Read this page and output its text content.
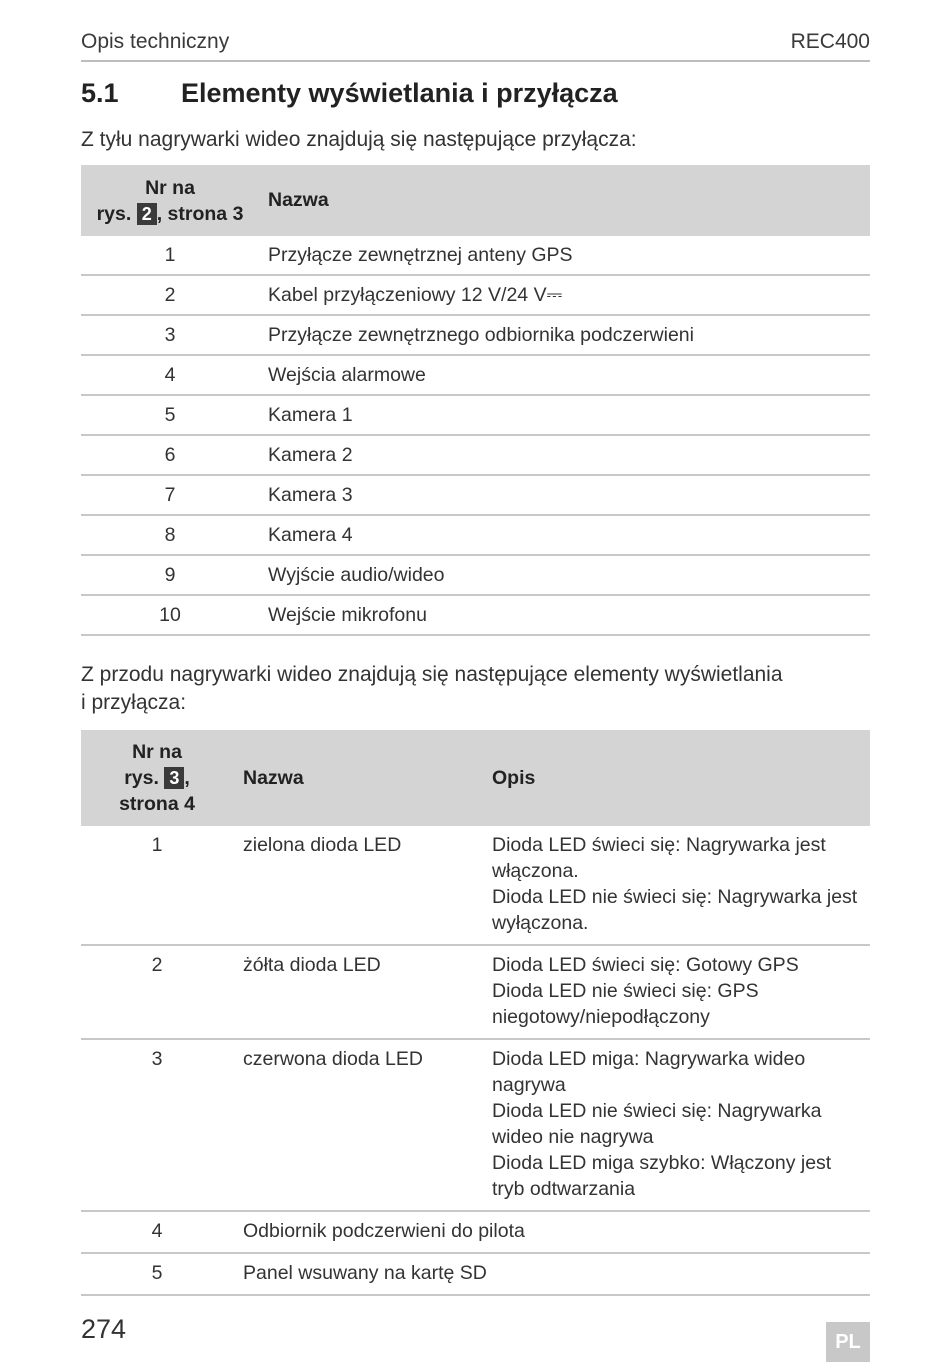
Opis techniczny	REC400
5.1 Elementy wyświetlania i przyłącza
Z tyłu nagrywarki wideo znajdują się następujące przyłącza:
Nr na
rys. 2 , strona 3	Nazwa
1	Przyłącze zewnętrznej anteny GPS
2	Kabel przyłączeniowy 12 V/24 V⎓
3	Przyłącze zewnętrznego odbiornika podczerwieni
4	Wejścia alarmowe
5	Kamera 1
6	Kamera 2
7	Kamera 3
8	Kamera 4
9	Wyjście audio/wideo
10	Wejście mikrofonu
Z przodu nagrywarki wideo znajdują się następujące elementy wyświetlania
i przyłącza:
Nr na
rys. 3 ,
strona 4	Nazwa	Opis
1	zielona dioda LED	Dioda LED świeci się: Nagrywarka jest włączona.
Dioda LED nie świeci się: Nagrywarka jest wyłączona.

2	żółta dioda LED	Dioda LED świeci się: Gotowy GPS
Dioda LED nie świeci się: GPS niegotowy/niepodłączony

3	czerwona dioda LED	Dioda LED miga: Nagrywarka wideo nagrywa
Dioda LED nie świeci się: Nagrywarka wideo nie nagrywa
Dioda LED miga szybko: Włączony jest tryb odtwarzania

4	Odbiornik podczerwieni do pilota	
5	Panel wsuwany na kartę SD	
274	PL
